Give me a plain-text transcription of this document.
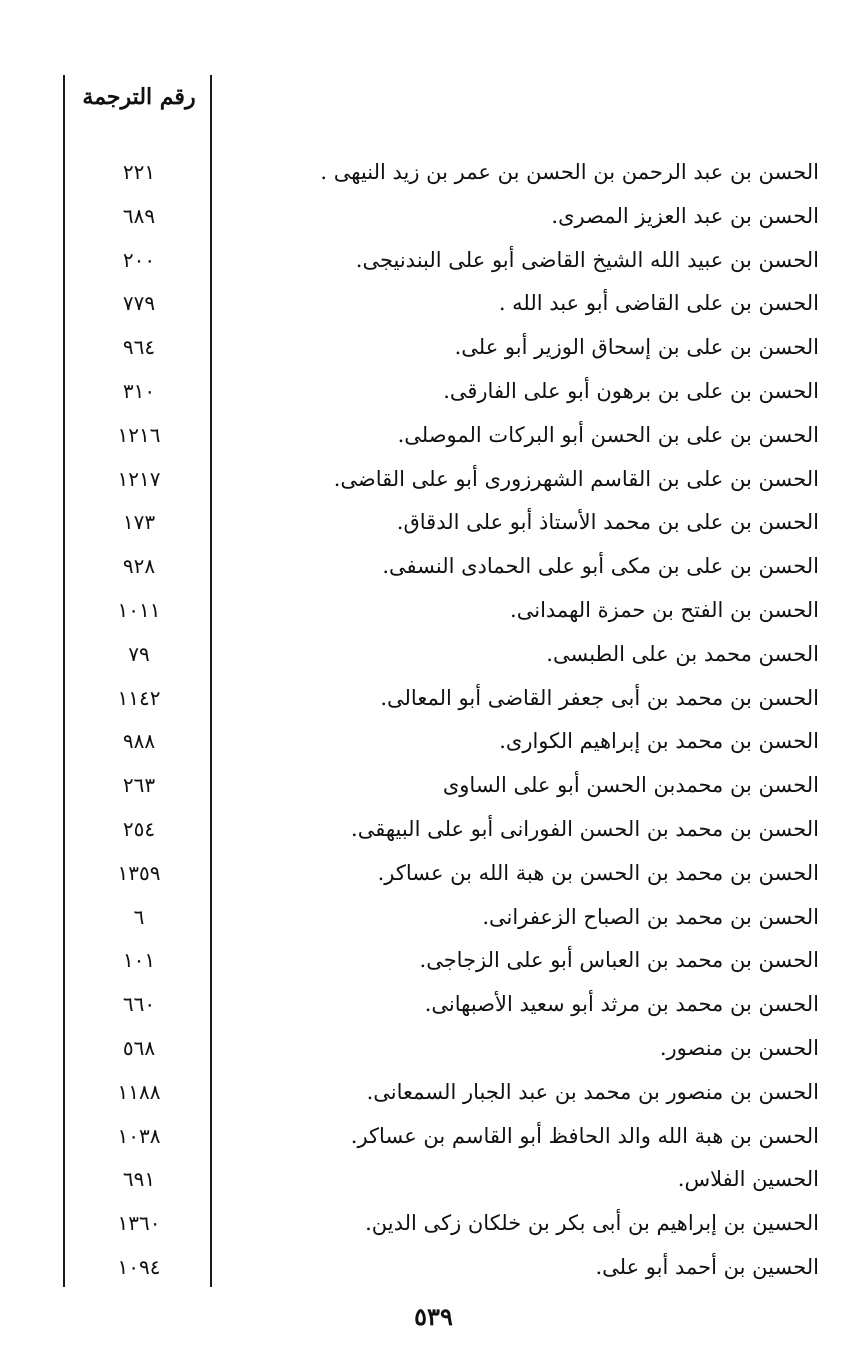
رقم الترجمة
٢٢١	الحسن بن عبد الرحمن بن الحسن بن عمر بن زيد النيهى .
٦٨٩	الحسن بن عبد العزيز المصرى.
٢٠٠	الحسن بن عبيد الله الشيخ القاضى أبو على البندنيجى.
٧٧٩	الحسن بن على القاضى أبو عبد الله .
٩٦٤	الحسن بن على بن إسحاق الوزير أبو على.
٣١٠	الحسن بن على بن برهون أبو على الفارقى.
١٢١٦	الحسن بن على بن الحسن أبو البركات الموصلى.
١٢١٧	الحسن بن على بن القاسم الشهرزورى أبو على القاضى.
١٧٣	الحسن بن على بن محمد الأستاذ أبو على الدقاق.
٩٢٨	الحسن بن على بن مكى أبو على الحمادى النسفى.
١٠١١	الحسن بن الفتح بن حمزة الهمدانى.
٧٩	الحسن محمد بن على الطبسى.
١١٤٢	الحسن بن محمد بن أبى جعفر القاضى أبو المعالى.
٩٨٨	الحسن بن محمد بن إبراهيم الكوارى.
٢٦٣	الحسن بن محمدبن الحسن أبو على الساوى
٢٥٤	الحسن بن محمد بن الحسن الفورانى أبو على البيهقى.
١٣٥٩	الحسن بن محمد بن الحسن بن هبة الله بن عساكر.
٦	الحسن بن محمد بن الصباح الزعفرانى.
١٠١	الحسن بن محمد بن العباس أبو على الزجاجى.
٦٦٠	الحسن بن محمد بن مرثد أبو سعيد الأصبهانى.
٥٦٨	الحسن بن منصور.
١١٨٨	الحسن بن منصور بن محمد بن عبد الجبار السمعانى.
١٠٣٨	الحسن بن هبة الله والد الحافظ أبو القاسم بن عساكر.
٦٩١	الحسين الفلاس.
١٣٦٠	الحسين بن إبراهيم بن أبى بكر بن خلكان زكى الدين.
١٠٩٤	الحسين بن أحمد أبو على.
٥٣٩
